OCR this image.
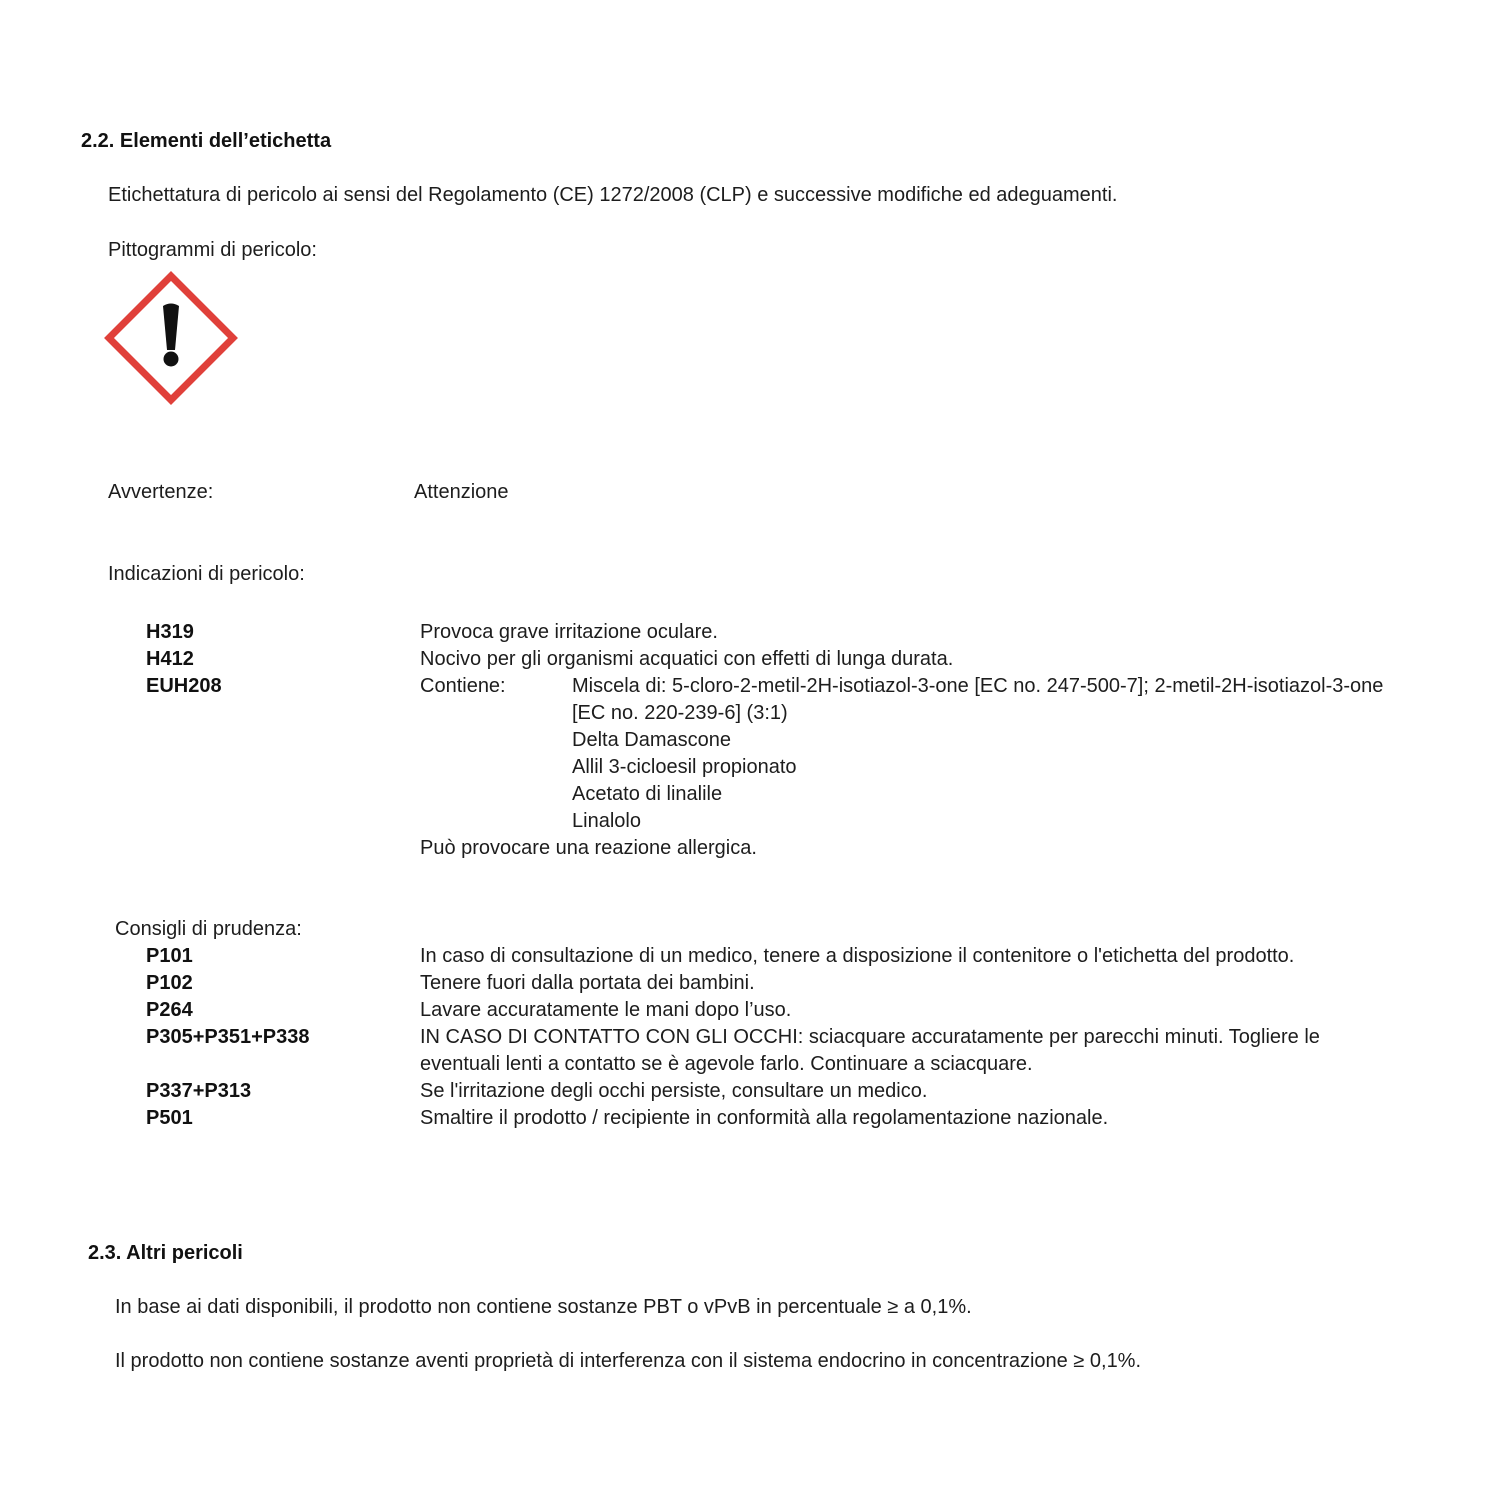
2.2. Elementi dell’etichetta
Etichettatura di pericolo ai sensi del Regolamento (CE) 1272/2008 (CLP) e successive modifiche ed adeguamenti.
Pittogrammi di pericolo:
Avvertenze:	Attenzione
Indicazioni di pericolo:
H319	Provoca grave irritazione oculare.
H412	Nocivo per gli organismi acquatici con effetti di lunga durata.
EUH208	Contiene:	Miscela di: 5-cloro-2-metil-2H-isotiazol-3-one [EC no. 247-500-7]; 2-metil-2H-isotiazol-3-one
[EC no. 220-239-6] (3:1)
Delta Damascone
Allil 3-cicloesil propionato
Acetato di linalile
Linalolo
Può provocare una reazione allergica.
Consigli di prudenza:
P101	In caso di consultazione di un medico, tenere a disposizione il contenitore o l'etichetta del prodotto.
P102	Tenere fuori dalla portata dei bambini.
P264	Lavare accuratamente le mani dopo l’uso.
P305+P351+P338	IN CASO DI CONTATTO CON GLI OCCHI: sciacquare accuratamente per parecchi minuti. Togliere le
eventuali lenti a contatto se è agevole farlo. Continuare a sciacquare.
P337+P313	Se l'irritazione degli occhi persiste, consultare un medico.
P501	Smaltire il prodotto / recipiente in conformità alla regolamentazione nazionale.
2.3. Altri pericoli
In base ai dati disponibili, il prodotto non contiene sostanze PBT o vPvB in percentuale ≥ a 0,1%.
Il prodotto non contiene sostanze aventi proprietà di interferenza con il sistema endocrino in concentrazione ≥ 0,1%.
